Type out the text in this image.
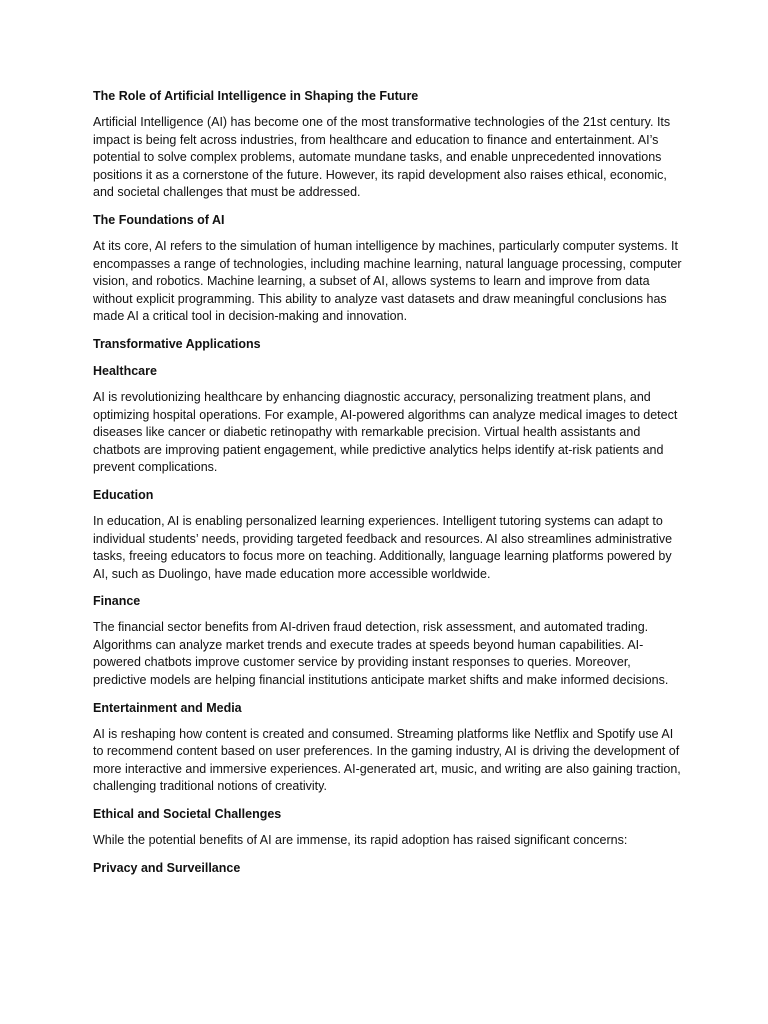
The Role of Artificial Intelligence in Shaping the Future

Artificial Intelligence (AI) has become one of the most transformative technologies of the 21st century. Its impact is being felt across industries, from healthcare and education to finance and entertainment. AI’s potential to solve complex problems, automate mundane tasks, and enable unprecedented innovations positions it as a cornerstone of the future. However, its rapid development also raises ethical, economic, and societal challenges that must be addressed.

The Foundations of AI

At its core, AI refers to the simulation of human intelligence by machines, particularly computer systems. It encompasses a range of technologies, including machine learning, natural language processing, computer vision, and robotics. Machine learning, a subset of AI, allows systems to learn and improve from data without explicit programming. This ability to analyze vast datasets and draw meaningful conclusions has made AI a critical tool in decision-making and innovation.

Transformative Applications
Healthcare

AI is revolutionizing healthcare by enhancing diagnostic accuracy, personalizing treatment plans, and optimizing hospital operations. For example, AI-powered algorithms can analyze medical images to detect diseases like cancer or diabetic retinopathy with remarkable precision. Virtual health assistants and chatbots are improving patient engagement, while predictive analytics helps identify at-risk patients and prevent complications.

Education

In education, AI is enabling personalized learning experiences. Intelligent tutoring systems can adapt to individual students’ needs, providing targeted feedback and resources. AI also streamlines administrative tasks, freeing educators to focus more on teaching. Additionally, language learning platforms powered by AI, such as Duolingo, have made education more accessible worldwide.

Finance

The financial sector benefits from AI-driven fraud detection, risk assessment, and automated trading. Algorithms can analyze market trends and execute trades at speeds beyond human capabilities. AI-powered chatbots improve customer service by providing instant responses to queries. Moreover, predictive models are helping financial institutions anticipate market shifts and make informed decisions.

Entertainment and Media

AI is reshaping how content is created and consumed. Streaming platforms like Netflix and Spotify use AI to recommend content based on user preferences. In the gaming industry, AI is driving the development of more interactive and immersive experiences. AI-generated art, music, and writing are also gaining traction, challenging traditional notions of creativity.

Ethical and Societal Challenges

While the potential benefits of AI are immense, its rapid adoption has raised significant concerns:

Privacy and Surveillance
